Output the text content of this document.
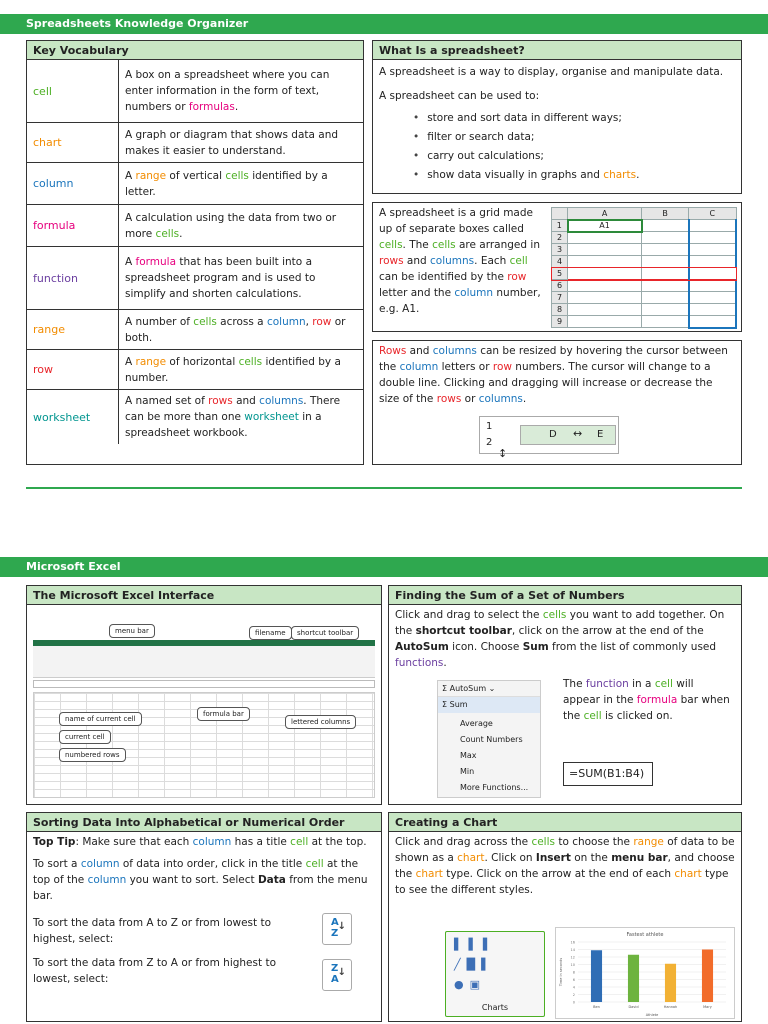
Spreadsheets Knowledge Organizer
Key Vocabulary
cell
A box on a spreadsheet where you can enter information in the form of text, numbers or formulas.
chart
A graph or diagram that shows data and makes it easier to understand.
column
A range of vertical cells identified by a letter.
formula
A calculation using the data from two or more cells.
function
A formula that has been built into a spreadsheet program and is used to simplify and shorten calculations.
range
A number of cells across a column, row or both.
row
A range of horizontal cells identified by a number.
worksheet
A named set of rows and columns. There can be more than one worksheet in a spreadsheet workbook.
What Is a spreadsheet?

A spreadsheet is a way to display, organise and manipulate data.

A spreadsheet can be used to:

• store and sort data in different ways;
• filter or search data;
• carry out calculations;
• show data visually in graphs and charts.

A spreadsheet is a grid made up of separate boxes called cells. The cells are arranged in rows and columns. Each cell can be identified by the row letter and the column number, e.g. A1.

	A	B	C
1	A1		
2			
3			
4			
5			
6			
7			
8			
9			

Rows and columns can be resized by hovering the cursor between the column letters or row numbers. The cursor will change to a double line. Clicking and dragging will increase or decrease the size of the rows or columns.

1
2
↕
D ↔ E
Microsoft Excel
The Microsoft Excel Interface
menu bar	filename	shortcut toolbar
formula bar
name of current cell
current cell
numbered rows
lettered columns
Finding the Sum of a Set of Numbers

Click and drag to select the cells you want to add together. On the shortcut toolbar, click on the arrow at the end of the AutoSum icon. Choose Sum from the list of commonly used functions.

Σ AutoSum ⌄
Σ Sum
Average
Count Numbers
Max
Min
More Functions...

The function in a cell will appear in the formula bar when the cell is clicked on.

=SUM(B1:B4)
Sorting Data Into Alphabetical or Numerical Order

Top Tip: Make sure that each column has a title cell at the top.

To sort a column of data into order, click in the title cell at the top of the column you want to sort. Select Data from the menu bar.

To sort the data from A to Z or from lowest to highest, select:

To sort the data from Z to A or from highest to lowest, select:

A
Z
↓
Z
A
↓
Creating a Chart

Click and drag across the cells to choose the range of data to be shown as a chart. Click on Insert on the menu bar, and choose the chart type. Click on the arrow at the end of each chart type to see the different styles.

▌▌▌
╱█▌
●▣
Charts
Fastest athlete
0
2
4
6
8
10
12
14
16
Ben	David	Hannah	Mary
Athlete
Time in seconds
